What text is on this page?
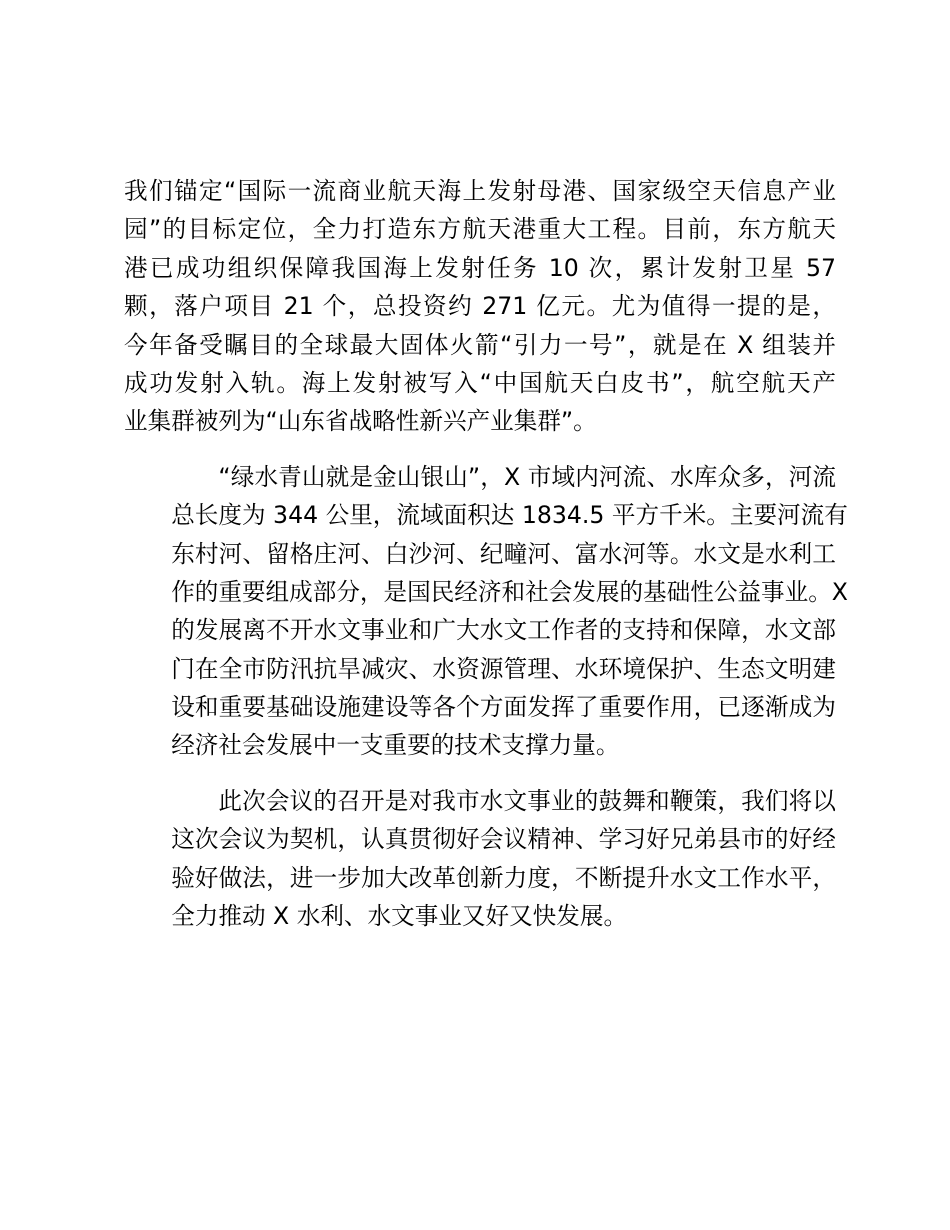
我们锚定“国际一流商业航天海上发射母港、国家级空天信息产业
园”的目标定位，全力打造东方航天港重大工程。目前，东方航天
港已成功组织保障我国海上发射任务 10 次，累计发射卫星 57
颗，落户项目 21 个，总投资约 271 亿元。尤为值得一提的是，
今年备受瞩目的全球最大固体火箭“引力一号”，就是在 X 组装并
成功发射入轨。海上发射被写入“中国航天白皮书”，航空航天产
业集群被列为“山东省战略性新兴产业集群”。
“绿水青山就是金山银山”，X 市域内河流、水库众多，河流
总长度为 344 公里，流域面积达 1834.5 平方千米。主要河流有
东村河、留格庄河、白沙河、纪疃河、富水河等。水文是水利工
作的重要组成部分，是国民经济和社会发展的基础性公益事业。X
的发展离不开水文事业和广大水文工作者的支持和保障，水文部
门在全市防汛抗旱减灾、水资源管理、水环境保护、生态文明建
设和重要基础设施建设等各个方面发挥了重要作用，已逐渐成为
经济社会发展中一支重要的技术支撑力量。
此次会议的召开是对我市水文事业的鼓舞和鞭策，我们将以
这次会议为契机，认真贯彻好会议精神、学习好兄弟县市的好经
验好做法，进一步加大改革创新力度，不断提升水文工作水平，
全力推动 X 水利、水文事业又好又快发展。
